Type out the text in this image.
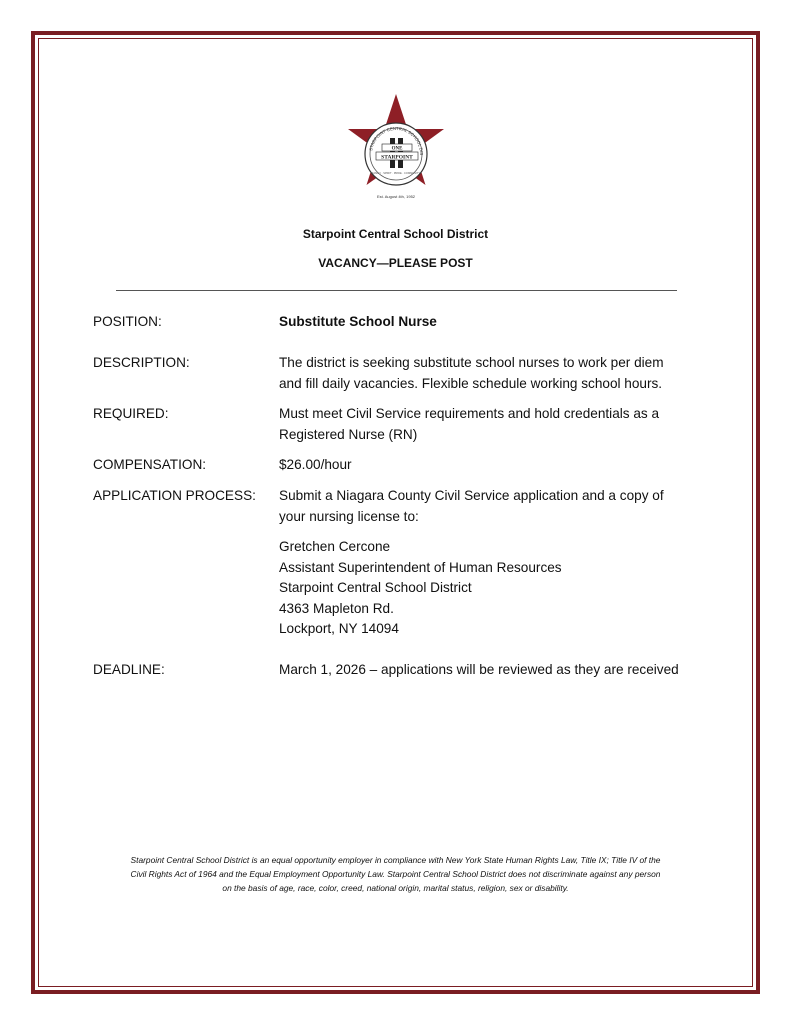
STARPOINT CENTRAL SCHOOL DIS
ONE
STARPOINT
FAMILY · SPIRIT · PRIDE · COMMUNITY
Est. August 4th, 1952
Starpoint Central School District
VACANCY—PLEASE POST
POSITION:	Substitute School Nurse
DESCRIPTION:	The district is seeking substitute school nurses to work per diem
and fill daily vacancies. Flexible schedule working school hours.
REQUIRED:	Must meet Civil Service requirements and hold credentials as a
Registered Nurse (RN)
COMPENSATION:	$26.00/hour
APPLICATION PROCESS: Submit a Niagara County Civil Service application and a copy of
your nursing license to:
Gretchen Cercone
Assistant Superintendent of Human Resources
Starpoint Central School District
4363 Mapleton Rd.
Lockport, NY 14094
DEADLINE:	March 1, 2026 – applications will be reviewed as they are received
Starpoint Central School District is an equal opportunity employer in compliance with New York State Human Rights Law, Title IX; Title IV of the
Civil Rights Act of 1964 and the Equal Employment Opportunity Law. Starpoint Central School District does not discriminate against any person
on the basis of age, race, color, creed, national origin, marital status, religion, sex or disability.
